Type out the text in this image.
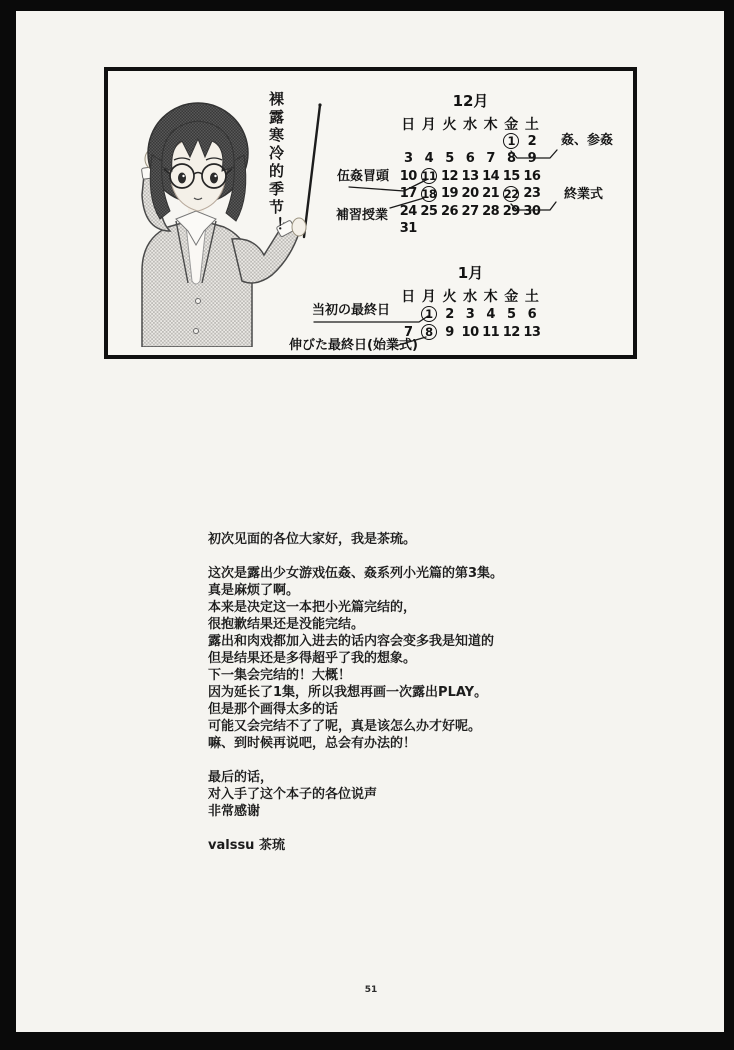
裸露寒冷的季节！	12月
日 月 火 水 木 金 土
1 2
3 4 5 6 7 8 9
10 11 12 13 14 15 16
17 18 19 20 21 22 23
24 25 26 27 28 29 30
31
1月
日 月 火 水 木 金 土
1 2 3 4 5 6
7	8 9 10 11 12 13
姦、参姦
伍姦冒頭
終業式
補習授業
当初の最終日
伸びた最終日(始業式)
初次见面的各位大家好，我是茶琉。

这次是露出少女游戏伍姦、姦系列小光篇的第3集。
真是麻烦了啊。
本来是决定这一本把小光篇完结的，
很抱歉结果还是没能完结。
露出和肉戏都加入进去的话内容会变多我是知道的
但是结果还是多得超乎了我的想象。
下一集会完结的！大概！
因为延长了1集，所以我想再画一次露出PLAY。
但是那个画得太多的话
可能又会完结不了了呢，真是该怎么办才好呢。
嘛、到时候再说吧，总会有办法的！

最后的话，
对入手了这个本子的各位说声
非常感谢

valssu 茶琉
51
